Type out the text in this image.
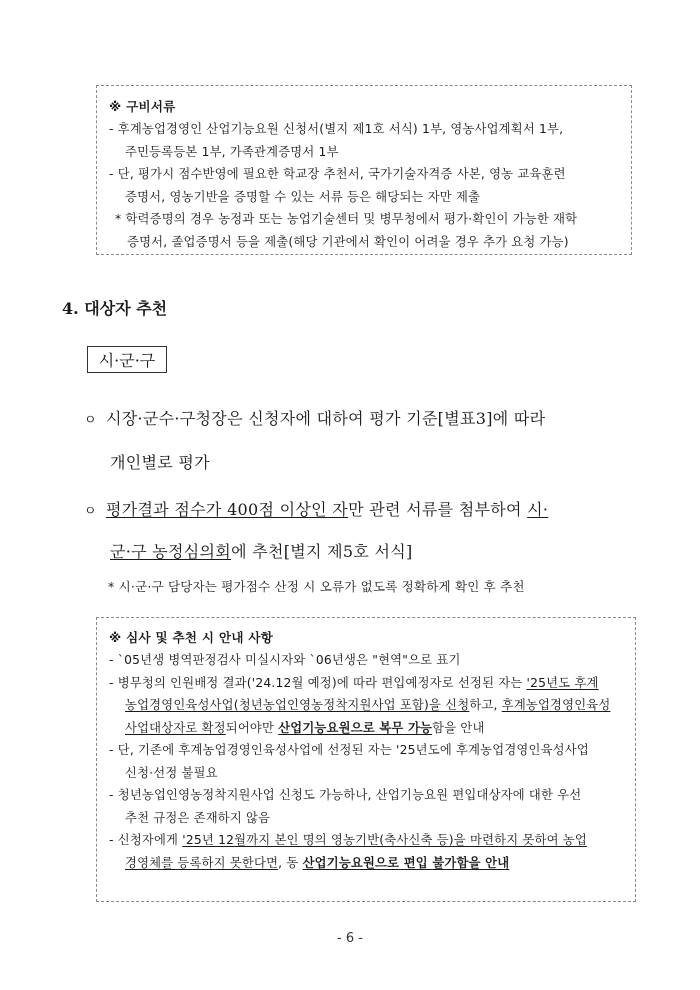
※ 구비서류
- 후계농업경영인 산업기능요원 신청서(별지 제1호 서식) 1부, 영농사업계획서 1부,
주민등록등본 1부, 가족관계증명서 1부
- 단, 평가시 점수반영에 필요한 학교장 추천서, 국가기술자격증 사본, 영농 교육훈련
증명서, 영농기반을 증명할 수 있는 서류 등은 해당되는 자만 제출
* 학력증명의 경우 농정과 또는 농업기술센터 및 병무청에서 평가·확인이 가능한 재학
증명서, 졸업증명서 등을 제출(해당 기관에서 확인이 어려울 경우 추가 요청 가능)
4. 대상자 추천
시·군·구
ㅇ 시장·군수·구청장은 신청자에 대하여 평가 기준[별표3]에 따라
개인별로 평가
ㅇ 평가결과 점수가 400점 이상인 자만 관련 서류를 첨부하여 시·
군·구 농정심의회에 추천[별지 제5호 서식]
* 시·군·구 담당자는 평가점수 산정 시 오류가 없도록 정확하게 확인 후 추천
※ 심사 및 추천 시 안내 사항
- `05년생 병역판정검사 미실시자와 `06년생은 "현역"으로 표기
- 병무청의 인원배정 결과('24.12월 예정)에 따라 편입예정자로 선정된 자는 '25년도 후계
농업경영인육성사업(청년농업인영농정착지원사업 포함)을 신청하고, 후계농업경영인육성
사업대상자로 확정되어야만 산업기능요원으로 복무 가능함을 안내
- 단, 기존에 후계농업경영인육성사업에 선정된 자는 '25년도에 후계농업경영인육성사업
신청·선정 불필요
- 청년농업인영농정착지원사업 신청도 가능하나, 산업기능요원 편입대상자에 대한 우선
추천 규정은 존재하지 않음
- 신청자에게 '25년 12월까지 본인 명의 영농기반(축사신축 등)을 마련하지 못하여 농업
경영체를 등록하지 못한다면, 동 산업기능요원으로 편입 불가함을 안내
- 6 -
